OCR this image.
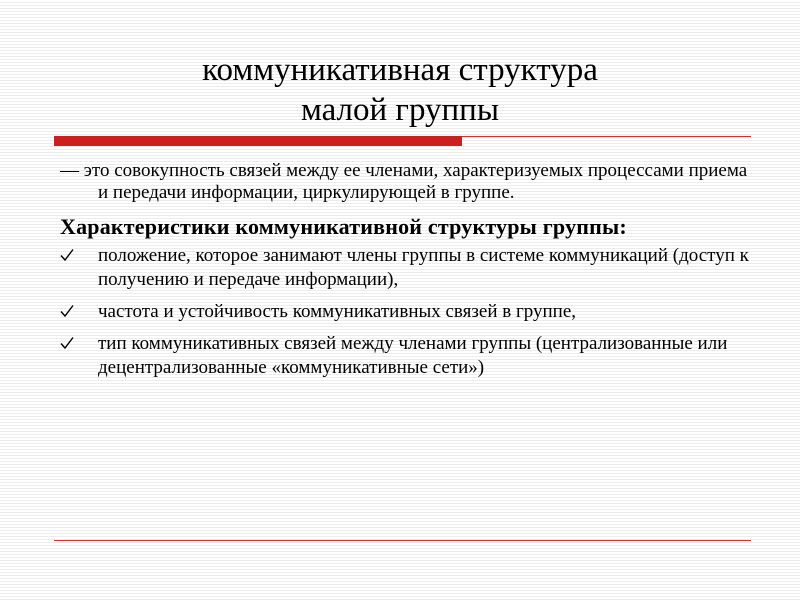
коммуникативная структура
малой группы

— это совокупность связей между ее членами, характеризуемых процессами приема и передачи информации, циркулирующей в группе.

Характеристики коммуникативной структуры группы:

положение, которое занимают члены группы в системе коммуникаций (доступ к получению и передаче информации),
частота и устойчивость коммуникативных связей в группе,
тип коммуникативных связей между членами группы (централизованные или децентрализованные «коммуникативные сети»)
